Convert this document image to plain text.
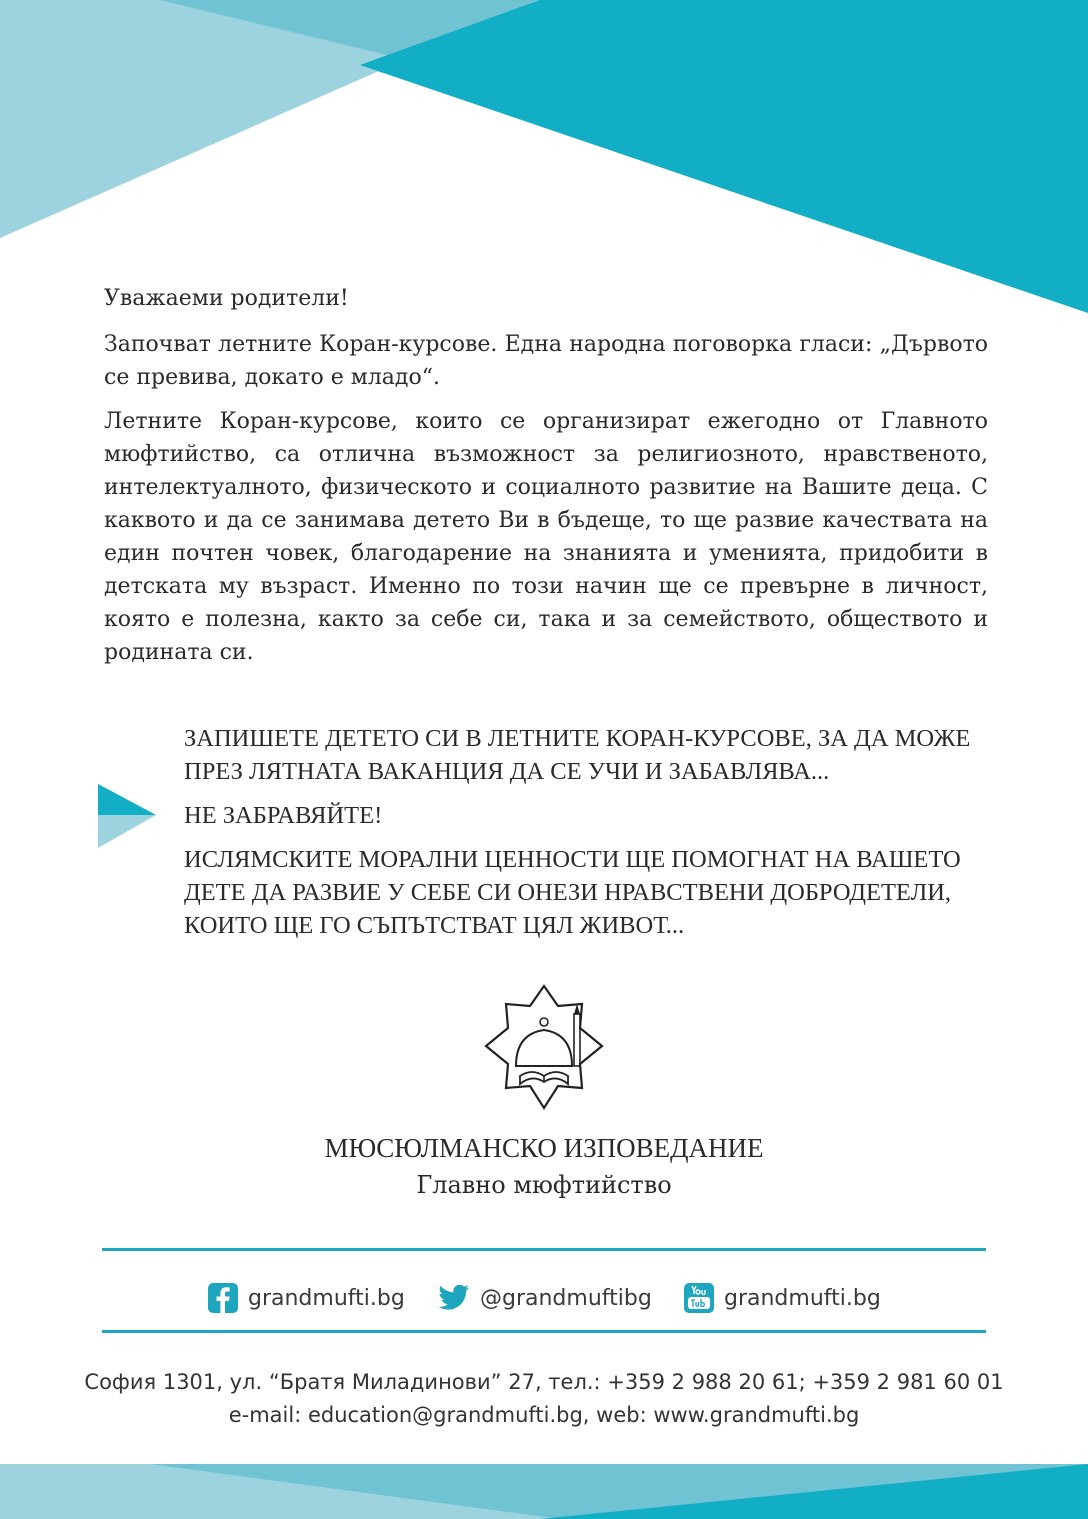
Уважаеми родители!
Започват летните Коран-курсове. Една народна поговорка гласи: „Дървото се превива, докато е младо“.
Летните Коран-курсове, които се организират ежегодно от Главното мюфтийство, са отлична възможност за религиозното, нравственото, интелектуалното, физическото и социалното развитие на Вашите деца. С каквото и да се занимава детето Ви в бъдеще, то ще развие качествата на един почтен човек, благодарение на знанията и уменията, придобити в детската му възраст. Именно по този начин ще се превърне в личност, която е полезна, както за себе си, така и за семейството, обществото и родината си.

ЗАПИШЕТЕ ДЕТЕТО СИ В ЛЕТНИТЕ КОРАН-КУРСОВЕ, ЗА ДА МОЖЕ ПРЕЗ ЛЯТНАТА ВАКАНЦИЯ ДА СЕ УЧИ И ЗАБАВЛЯВА...

НЕ ЗАБРАВЯЙТЕ!

ИСЛЯМСКИТЕ МОРАЛНИ ЦЕННОСТИ ЩЕ ПОМОГНАТ НА ВАШЕТО ДЕТЕ ДА РАЗВИЕ У СЕБЕ СИ ОНЕЗИ НРАВСТВЕНИ ДОБРОДЕТЕЛИ, КОИТО ЩЕ ГО СЪПЪТСТВАТ ЦЯЛ ЖИВОТ...

МЮСЮЛМАНСКО ИЗПОВЕДАНИЕ
Главно мюфтийство
grandmufti.bg	@grandmuftibg	grandmufti.bg
София 1301, ул. “Братя Миладинови” 27, тел.: +359 2 988 20 61; +359 2 981 60 01
e-mail: education@grandmufti.bg, web: www.grandmufti.bg
